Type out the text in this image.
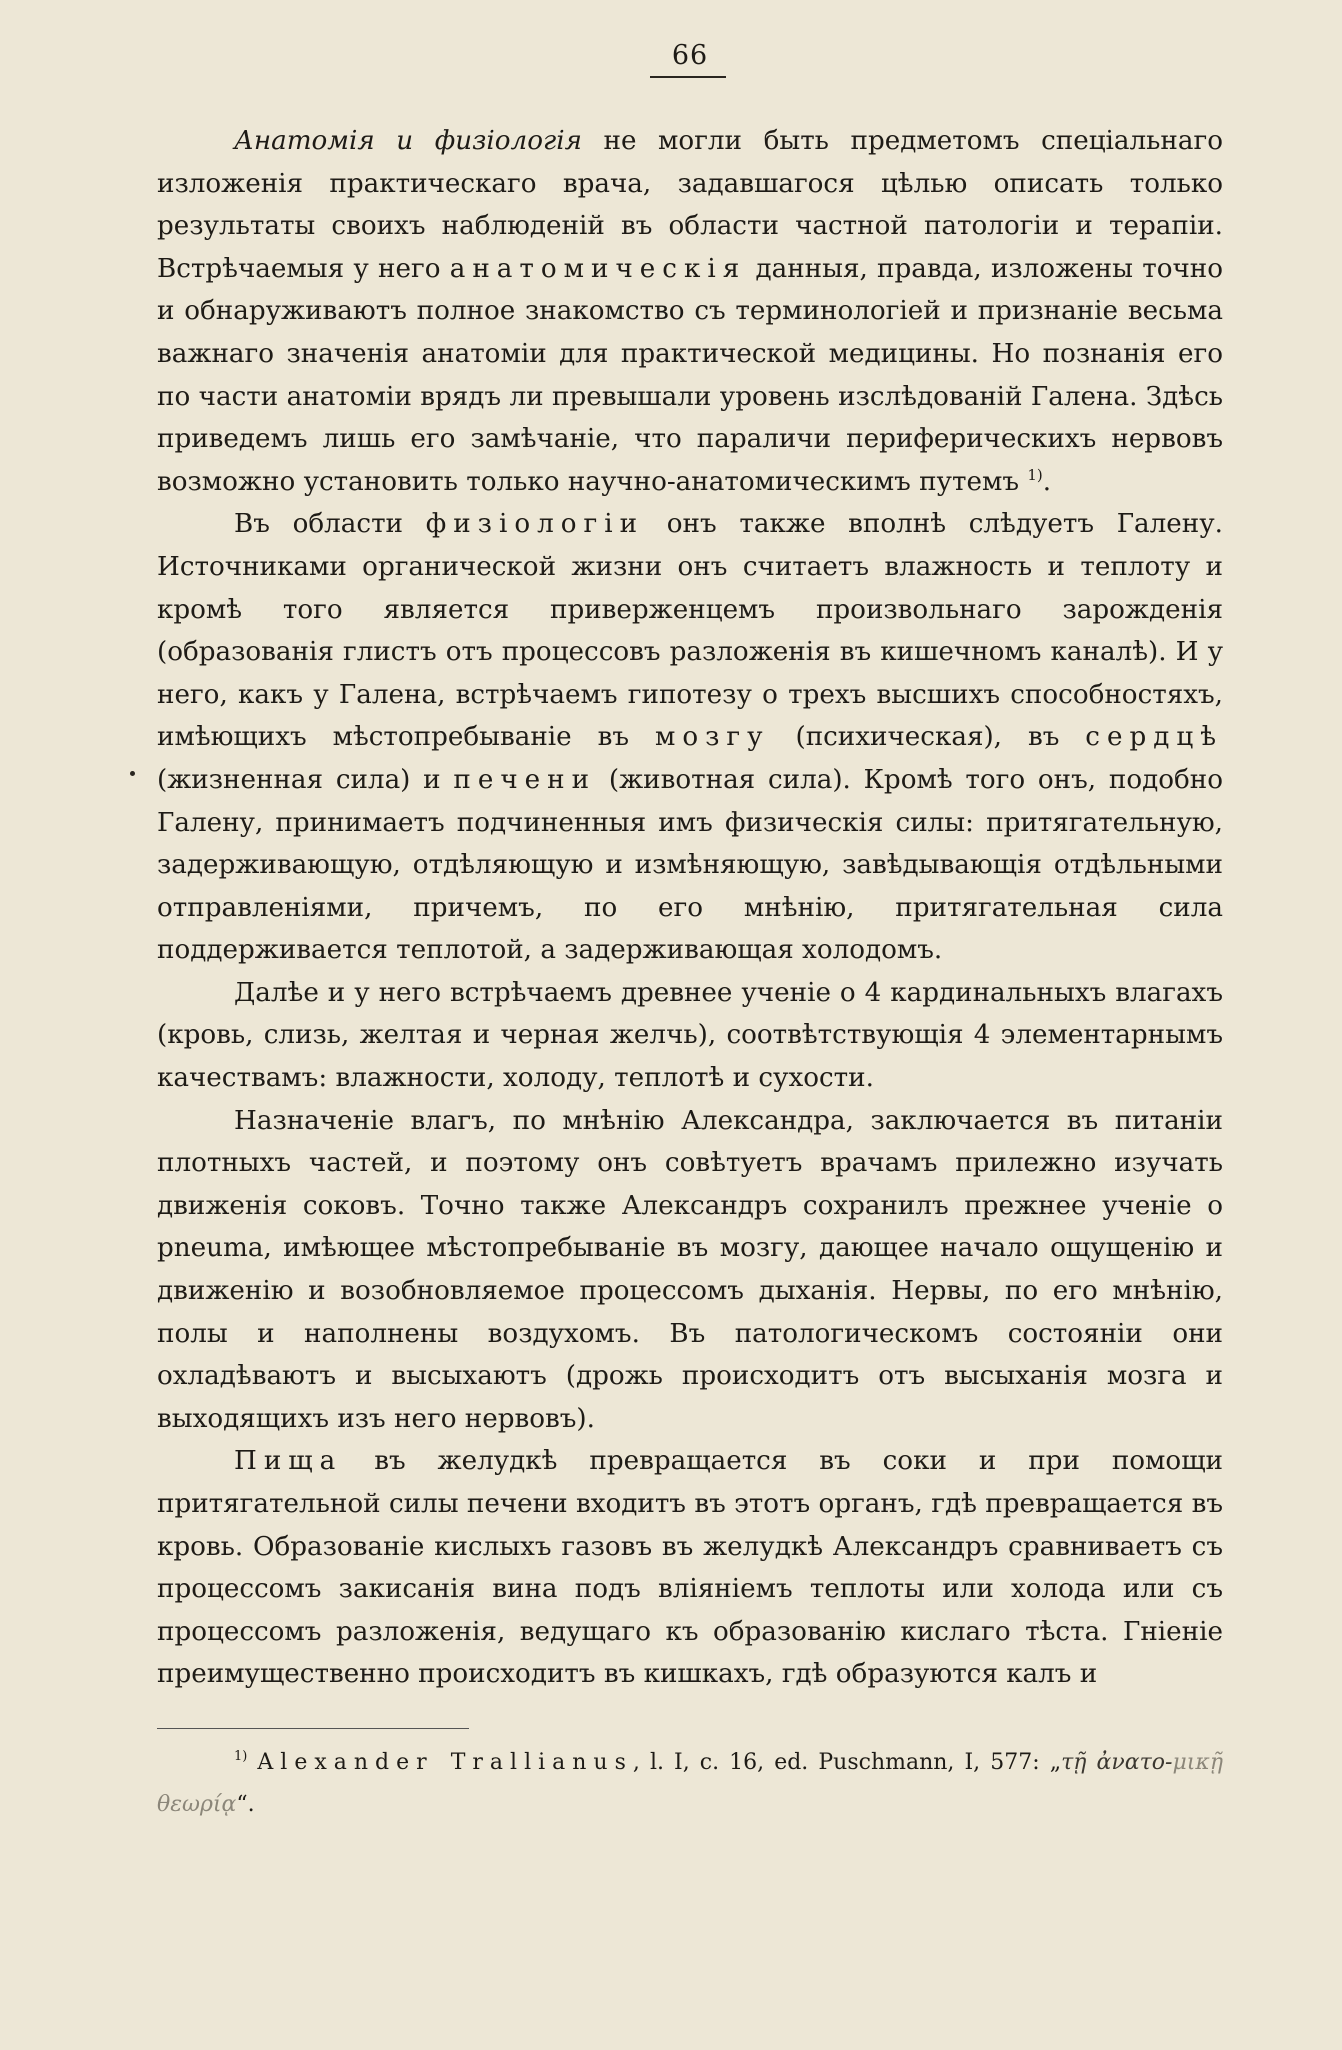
66

Анатомія и физіологія не могли быть предметомъ спеціальнаго изложенія практическаго врача, задавшагося цѣлью описать только результаты своихъ наблюденій въ области частной патологіи и терапіи. Встрѣчаемыя у него анатомическія данныя, правда, изложены точно и обнаруживаютъ полное знакомство съ терминологіей и признаніе весьма важнаго значенія анатоміи для практической медицины. Но познанія его по части анатоміи врядъ ли превышали уровень изслѣдованій Галена. Здѣсь приведемъ лишь его замѣчаніе, что параличи периферическихъ нервовъ возможно установить только научно-анатомическимъ путемъ $^{1)}$.

Въ области физіологіи онъ также вполнѣ слѣдуетъ Галену. Источниками органической жизни онъ считаетъ влажность и теплоту и кромѣ того является приверженцемъ произвольнаго зарожденія (образованія глистъ отъ процессовъ разложенія въ кишечномъ каналѣ). И у него, какъ у Галена, встрѣчаемъ гипотезу о трехъ высшихъ способностяхъ, имѣющихъ мѣстопребываніе въ мозгу (психическая), въ сердцѣ (жизненная сила) и печени (животная сила). Кромѣ того онъ, подобно Галену, принимаетъ подчиненныя имъ физическія силы: притягательную, задерживающую, отдѣляющую и измѣняющую, завѣдывающія отдѣльными отправленіями, причемъ, по его мнѣнію, притягательная сила поддерживается теплотой, а задерживающая холодомъ.

Далѣе и у него встрѣчаемъ древнее ученіе о 4 кардинальныхъ влагахъ (кровь, слизь, желтая и черная желчь), соотвѣтствующія 4 элементарнымъ качествамъ: влажности, холоду, теплотѣ и сухости.

Назначеніе влагъ, по мнѣнію Александра, заключается въ питаніи плотныхъ частей, и поэтому онъ совѣтуетъ врачамъ прилежно изучать движенія соковъ. Точно также Александръ сохранилъ прежнее ученіе о pneuma, имѣющее мѣстопребываніе въ мозгу, дающее начало ощущенію и движенію и возобновляемое процессомъ дыханія. Нервы, по его мнѣнію, полы и наполнены воздухомъ. Въ патологическомъ состояніи они охладѣваютъ и высыхаютъ (дрожь происходитъ отъ высыханія мозга и выходящихъ изъ него нервовъ).

Пища въ желудкѣ превращается въ соки и при помощи притягательной силы печени входитъ въ этотъ органъ, гдѣ превращается въ кровь. Образованіе кислыхъ газовъ въ желудкѣ Александръ сравниваетъ съ процессомъ закисанія вина подъ вліяніемъ теплоты или холода или съ процессомъ разложенія, ведущаго къ образованію кислаго тѣста. Гніеніе преимущественно происходитъ въ кишкахъ, гдѣ образуются калъ и

$^{1)}$ Alexander Trallianus, l. I, c. 16, ed. Puschmann, I, 577: „τῇ ἀνατο-μικῇ θεωρίᾳ“.
